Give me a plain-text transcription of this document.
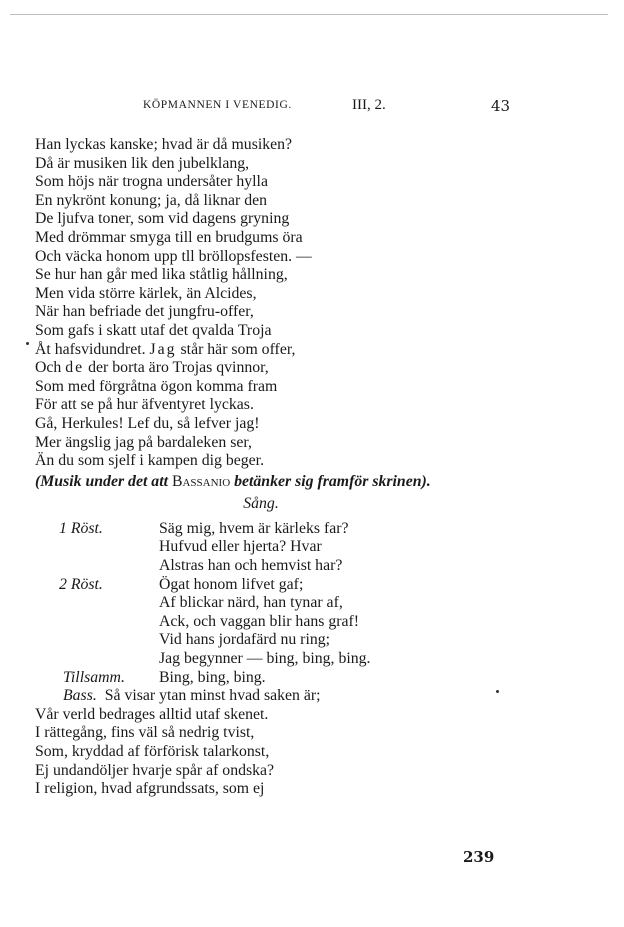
KÖPMANNEN I VENEDIG.	III, 2.	43
Han lyckas kanske; hvad är då musiken?
Då är musiken lik den jubelklang,
Som höjs när trogna undersåter hylla
En nykrönt konung; ja, då liknar den
De ljufva toner, som vid dagens gryning
Med drömmar smyga till en brudgums öra
Och väcka honom upp tll bröllopsfesten. —
Se hur han går med lika ståtlig hållning,
Men vida större kärlek, än Alcides,
När han befriade det jungfru-offer,
Som gafs i skatt utaf det qvalda Troja
Åt hafsvidundret. Jag står här som offer,
Och de der borta äro Trojas qvinnor,
Som med förgråtna ögon komma fram
För att se på hur äfventyret lyckas.
Gå, Herkules! Lef du, så lefver jag!
Mer ängslig jag på bardaleken ser,
Än du som sjelf i kampen dig beger.
(Musik under det att Bassanio betänker sig framför skrinen).
Sång.
1 Röst.	Säg mig, hvem är kärleks far?
Hufvud eller hjerta? Hvar
Alstras han och hemvist har?
2 Röst.	Ögat honom lifvet gaf;
Af blickar närd, han tynar af,
Ack, och vaggan blir hans graf!
Vid hans jordafärd nu ring;
Jag begynner — bing, bing, bing.
Tillsamm.	Bing, bing, bing.
Bass. Så visar ytan minst hvad saken är;
Vår verld bedrages alltid utaf skenet.
I rättegång, fins väl så nedrig tvist,
Som, kryddad af förförisk talarkonst,
Ej undandöljer hvarje spår af ondska?
I religion, hvad afgrundssats, som ej
239
